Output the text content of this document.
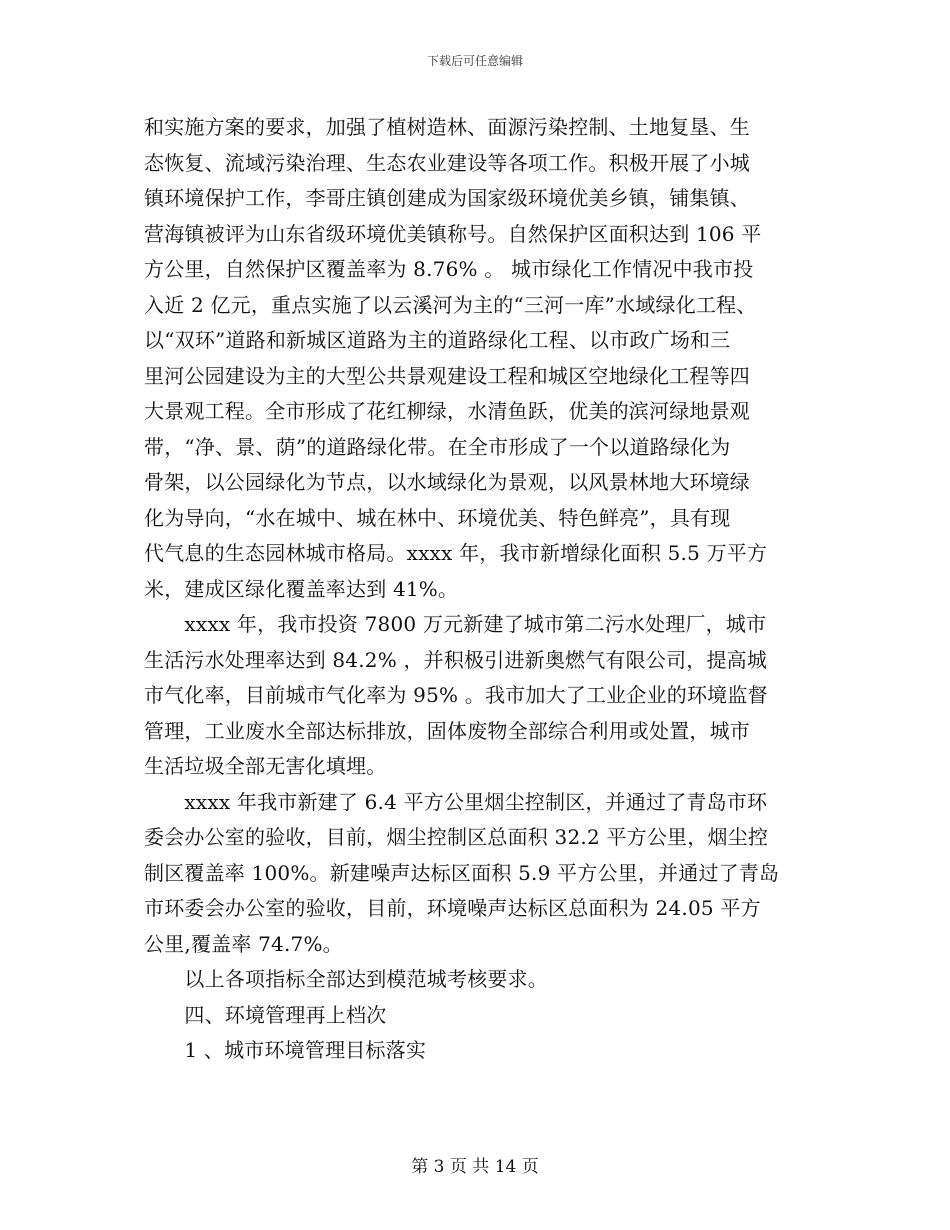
下载后可任意编辑
和实施方案的要求，加强了植树造林、面源污染控制、土地复垦、生
态恢复、流域污染治理、生态农业建设等各项工作。积极开展了小城
镇环境保护工作，李哥庄镇创建成为国家级环境优美乡镇，铺集镇、
营海镇被评为山东省级环境优美镇称号。自然保护区面积达到 106 平
方公里，自然保护区覆盖率为 8.76% 。 城市绿化工作情况中我市投
入近 2 亿元，重点实施了以云溪河为主的“三河一库”水域绿化工程、
以“双环”道路和新城区道路为主的道路绿化工程、以市政广场和三
里河公园建设为主的大型公共景观建设工程和城区空地绿化工程等四
大景观工程。全市形成了花红柳绿，水清鱼跃，优美的滨河绿地景观
带，“净、景、荫”的道路绿化带。在全市形成了一个以道路绿化为
骨架，以公园绿化为节点，以水域绿化为景观，以风景林地大环境绿
化为导向，“水在城中、城在林中、环境优美、特色鲜亮”，具有现
代气息的生态园林城市格局。xxxx 年，我市新增绿化面积 5.5 万平方
米，建成区绿化覆盖率达到 41%。
　　xxxx 年，我市投资 7800 万元新建了城市第二污水处理厂，城市
生活污水处理率达到 84.2% ，并积极引进新奥燃气有限公司，提高城
市气化率，目前城市气化率为 95% 。我市加大了工业企业的环境监督
管理，工业废水全部达标排放，固体废物全部综合利用或处置，城市
生活垃圾全部无害化填埋。
　　xxxx 年我市新建了 6.4 平方公里烟尘控制区，并通过了青岛市环
委会办公室的验收，目前，烟尘控制区总面积 32.2 平方公里，烟尘控
制区覆盖率 100%。新建噪声达标区面积 5.9 平方公里，并通过了青岛
市环委会办公室的验收，目前，环境噪声达标区总面积为 24.05 平方
公里,覆盖率 74.7%。
　　以上各项指标全部达到模范城考核要求。
　　四、环境管理再上档次
　　1 、城市环境管理目标落实
第 3 页 共 14 页
